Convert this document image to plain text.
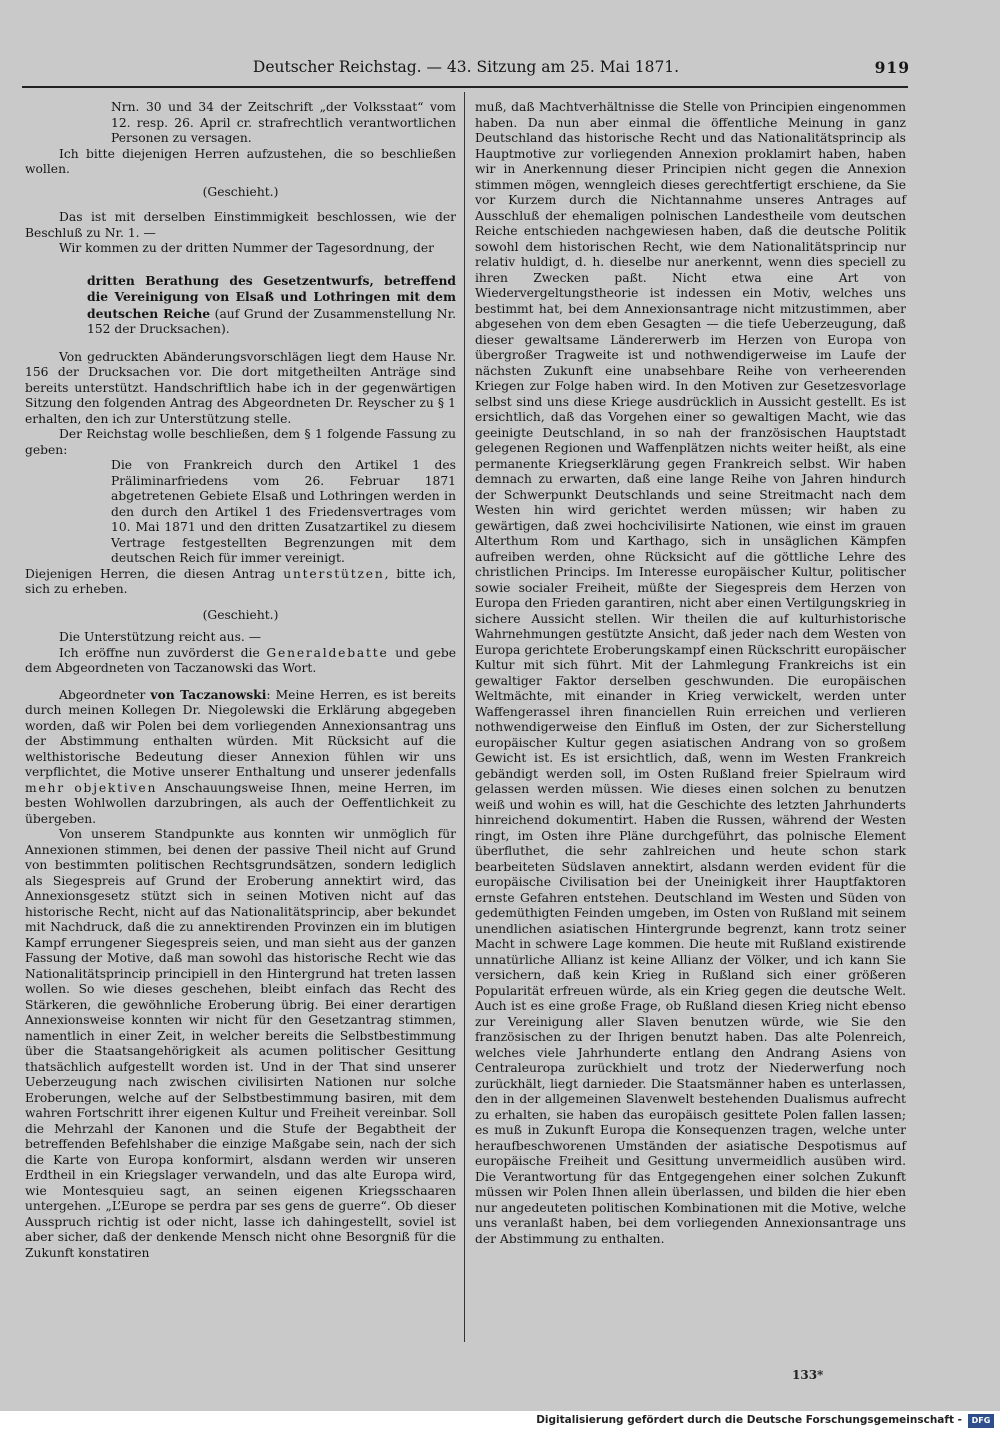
Deutscher Reichstag. — 43. Sitzung am 25. Mai 1871.	919

Nrn. 30 und 34 der Zeitschrift „der Volksstaat“ vom 12. resp. 26. April cr. strafrechtlich verantwortlichen Personen zu versagen.

Ich bitte diejenigen Herren aufzustehen, die so beschließen wollen.

(Geschieht.)

Das ist mit derselben Einstimmigkeit beschlossen, wie der Beschluß zu Nr. 1. —

Wir kommen zu der dritten Nummer der Tagesordnung, der

dritten Berathung des Gesetzentwurfs, betreffend die Vereinigung von Elsaß und Lothringen mit dem deutschen Reiche (auf Grund der Zusammenstellung Nr. 152 der Drucksachen).

Von gedruckten Abänderungsvorschlägen liegt dem Hause Nr. 156 der Drucksachen vor. Die dort mitgetheilten Anträge sind bereits unterstützt. Handschriftlich habe ich in der gegenwärtigen Sitzung den folgenden Antrag des Abgeordneten Dr. Reyscher zu § 1 erhalten, den ich zur Unterstützung stelle.

Der Reichstag wolle beschließen, dem § 1 folgende Fassung zu geben:

Die von Frankreich durch den Artikel 1 des Präliminarfriedens vom 26. Februar 1871 abgetretenen Gebiete Elsaß und Lothringen werden in den durch den Artikel 1 des Friedensvertrages vom 10. Mai 1871 und den dritten Zusatzartikel zu diesem Vertrage festgestellten Begrenzungen mit dem deutschen Reich für immer vereinigt.

Diejenigen Herren, die diesen Antrag unterstützen, bitte ich, sich zu erheben.

(Geschieht.)

Die Unterstützung reicht aus. —

Ich eröffne nun zuvörderst die Generaldebatte und gebe dem Abgeordneten von Taczanowski das Wort.

Abgeordneter von Taczanowski: Meine Herren, es ist bereits durch meinen Kollegen Dr. Niegolewski die Erklärung abgegeben worden, daß wir Polen bei dem vorliegenden Annexionsantrag uns der Abstimmung enthalten würden. Mit Rücksicht auf die welthistorische Bedeutung dieser Annexion fühlen wir uns verpflichtet, die Motive unserer Enthaltung und unserer jedenfalls mehr objektiven Anschauungsweise Ihnen, meine Herren, im besten Wohlwollen darzubringen, als auch der Oeffentlichkeit zu übergeben.

Von unserem Standpunkte aus konnten wir unmöglich für Annexionen stimmen, bei denen der passive Theil nicht auf Grund von bestimmten politischen Rechtsgrundsätzen, sondern lediglich als Siegespreis auf Grund der Eroberung annektirt wird, das Annexionsgesetz stützt sich in seinen Motiven nicht auf das historische Recht, nicht auf das Nationalitätsprincip, aber bekundet mit Nachdruck, daß die zu annektirenden Provinzen ein im blutigen Kampf errungener Siegespreis seien, und man sieht aus der ganzen Fassung der Motive, daß man sowohl das historische Recht wie das Nationalitätsprincip principiell in den Hintergrund hat treten lassen wollen. So wie dieses geschehen, bleibt einfach das Recht des Stärkeren, die gewöhnliche Eroberung übrig. Bei einer derartigen Annexionsweise konnten wir nicht für den Gesetzantrag stimmen, namentlich in einer Zeit, in welcher bereits die Selbstbestimmung über die Staatsangehörigkeit als acumen politischer Gesittung thatsächlich aufgestellt worden ist. Und in der That sind unserer Ueberzeugung nach zwischen civilisirten Nationen nur solche Eroberungen, welche auf der Selbstbestimmung basiren, mit dem wahren Fortschritt ihrer eigenen Kultur und Freiheit vereinbar. Soll die Mehrzahl der Kanonen und die Stufe der Begabtheit der betreffenden Befehlshaber die einzige Maßgabe sein, nach der sich die Karte von Europa konformirt, alsdann werden wir unseren Erdtheil in ein Kriegslager verwandeln, und das alte Europa wird, wie Montesquieu sagt, an seinen eigenen Kriegsschaaren untergehen. „L’Europe se perdra par ses gens de guerre“. Ob dieser Ausspruch richtig ist oder nicht, lasse ich dahingestellt, soviel ist aber sicher, daß der denkende Mensch nicht ohne Besorgniß für die Zukunft konstatiren

muß, daß Machtverhältnisse die Stelle von Principien eingenommen haben. Da nun aber einmal die öffentliche Meinung in ganz Deutschland das historische Recht und das Nationalitätsprincip als Hauptmotive zur vorliegenden Annexion proklamirt haben, haben wir in Anerkennung dieser Principien nicht gegen die Annexion stimmen mögen, wenngleich dieses gerechtfertigt erschiene, da Sie vor Kurzem durch die Nichtannahme unseres Antrages auf Ausschluß der ehemaligen polnischen Landestheile vom deutschen Reiche entschieden nachgewiesen haben, daß die deutsche Politik sowohl dem historischen Recht, wie dem Nationalitätsprincip nur relativ huldigt, d. h. dieselbe nur anerkennt, wenn dies speciell zu ihren Zwecken paßt. Nicht etwa eine Art von Wiedervergeltungstheorie ist indessen ein Motiv, welches uns bestimmt hat, bei dem Annexionsantrage nicht mitzustimmen, aber abgesehen von dem eben Gesagten — die tiefe Ueberzeugung, daß dieser gewaltsame Ländererwerb im Herzen von Europa von übergroßer Tragweite ist und nothwendigerweise im Laufe der nächsten Zukunft eine unabsehbare Reihe von verheerenden Kriegen zur Folge haben wird. In den Motiven zur Gesetzesvorlage selbst sind uns diese Kriege ausdrücklich in Aussicht gestellt. Es ist ersichtlich, daß das Vorgehen einer so gewaltigen Macht, wie das geeinigte Deutschland, in so nah der französischen Hauptstadt gelegenen Regionen und Waffenplätzen nichts weiter heißt, als eine permanente Kriegserklärung gegen Frankreich selbst. Wir haben demnach zu erwarten, daß eine lange Reihe von Jahren hindurch der Schwerpunkt Deutschlands und seine Streitmacht nach dem Westen hin wird gerichtet werden müssen; wir haben zu gewärtigen, daß zwei hochcivilisirte Nationen, wie einst im grauen Alterthum Rom und Karthago, sich in unsäglichen Kämpfen aufreiben werden, ohne Rücksicht auf die göttliche Lehre des christlichen Princips. Im Interesse europäischer Kultur, politischer sowie socialer Freiheit, müßte der Siegespreis dem Herzen von Europa den Frieden garantiren, nicht aber einen Vertilgungskrieg in sichere Aussicht stellen. Wir theilen die auf kulturhistorische Wahrnehmungen gestützte Ansicht, daß jeder nach dem Westen von Europa gerichtete Eroberungskampf einen Rückschritt europäischer Kultur mit sich führt. Mit der Lahmlegung Frankreichs ist ein gewaltiger Faktor derselben geschwunden. Die europäischen Weltmächte, mit einander in Krieg verwickelt, werden unter Waffengerassel ihren financiellen Ruin erreichen und verlieren nothwendigerweise den Einfluß im Osten, der zur Sicherstellung europäischer Kultur gegen asiatischen Andrang von so großem Gewicht ist. Es ist ersichtlich, daß, wenn im Westen Frankreich gebändigt werden soll, im Osten Rußland freier Spielraum wird gelassen werden müssen. Wie dieses einen solchen zu benutzen weiß und wohin es will, hat die Geschichte des letzten Jahrhunderts hinreichend dokumentirt. Haben die Russen, während der Westen ringt, im Osten ihre Pläne durchgeführt, das polnische Element überfluthet, die sehr zahlreichen und heute schon stark bearbeiteten Südslaven annektirt, alsdann werden evident für die europäische Civilisation bei der Uneinigkeit ihrer Hauptfaktoren ernste Gefahren entstehen. Deutschland im Westen und Süden von gedemüthigten Feinden umgeben, im Osten von Rußland mit seinem unendlichen asiatischen Hintergrunde begrenzt, kann trotz seiner Macht in schwere Lage kommen. Die heute mit Rußland existirende unnatürliche Allianz ist keine Allianz der Völker, und ich kann Sie versichern, daß kein Krieg in Rußland sich einer größeren Popularität erfreuen würde, als ein Krieg gegen die deutsche Welt. Auch ist es eine große Frage, ob Rußland diesen Krieg nicht ebenso zur Vereinigung aller Slaven benutzen würde, wie Sie den französischen zu der Ihrigen benutzt haben. Das alte Polenreich, welches viele Jahrhunderte entlang den Andrang Asiens von Centraleuropa zurückhielt und trotz der Niederwerfung noch zurückhält, liegt darnieder. Die Staatsmänner haben es unterlassen, den in der allgemeinen Slavenwelt bestehenden Dualismus aufrecht zu erhalten, sie haben das europäisch gesittete Polen fallen lassen; es muß in Zukunft Europa die Konsequenzen tragen, welche unter heraufbeschworenen Umständen der asiatische Despotismus auf europäische Freiheit und Gesittung unvermeidlich ausüben wird. Die Verantwortung für das Entgegengehen einer solchen Zukunft müssen wir Polen Ihnen allein überlassen, und bilden die hier eben nur angedeuteten politischen Kombinationen mit die Motive, welche uns veranlaßt haben, bei dem vorliegenden Annexionsantrage uns der Abstimmung zu enthalten.

133*
Digitalisierung gefördert durch die Deutsche Forschungsgemeinschaft -	DFG
